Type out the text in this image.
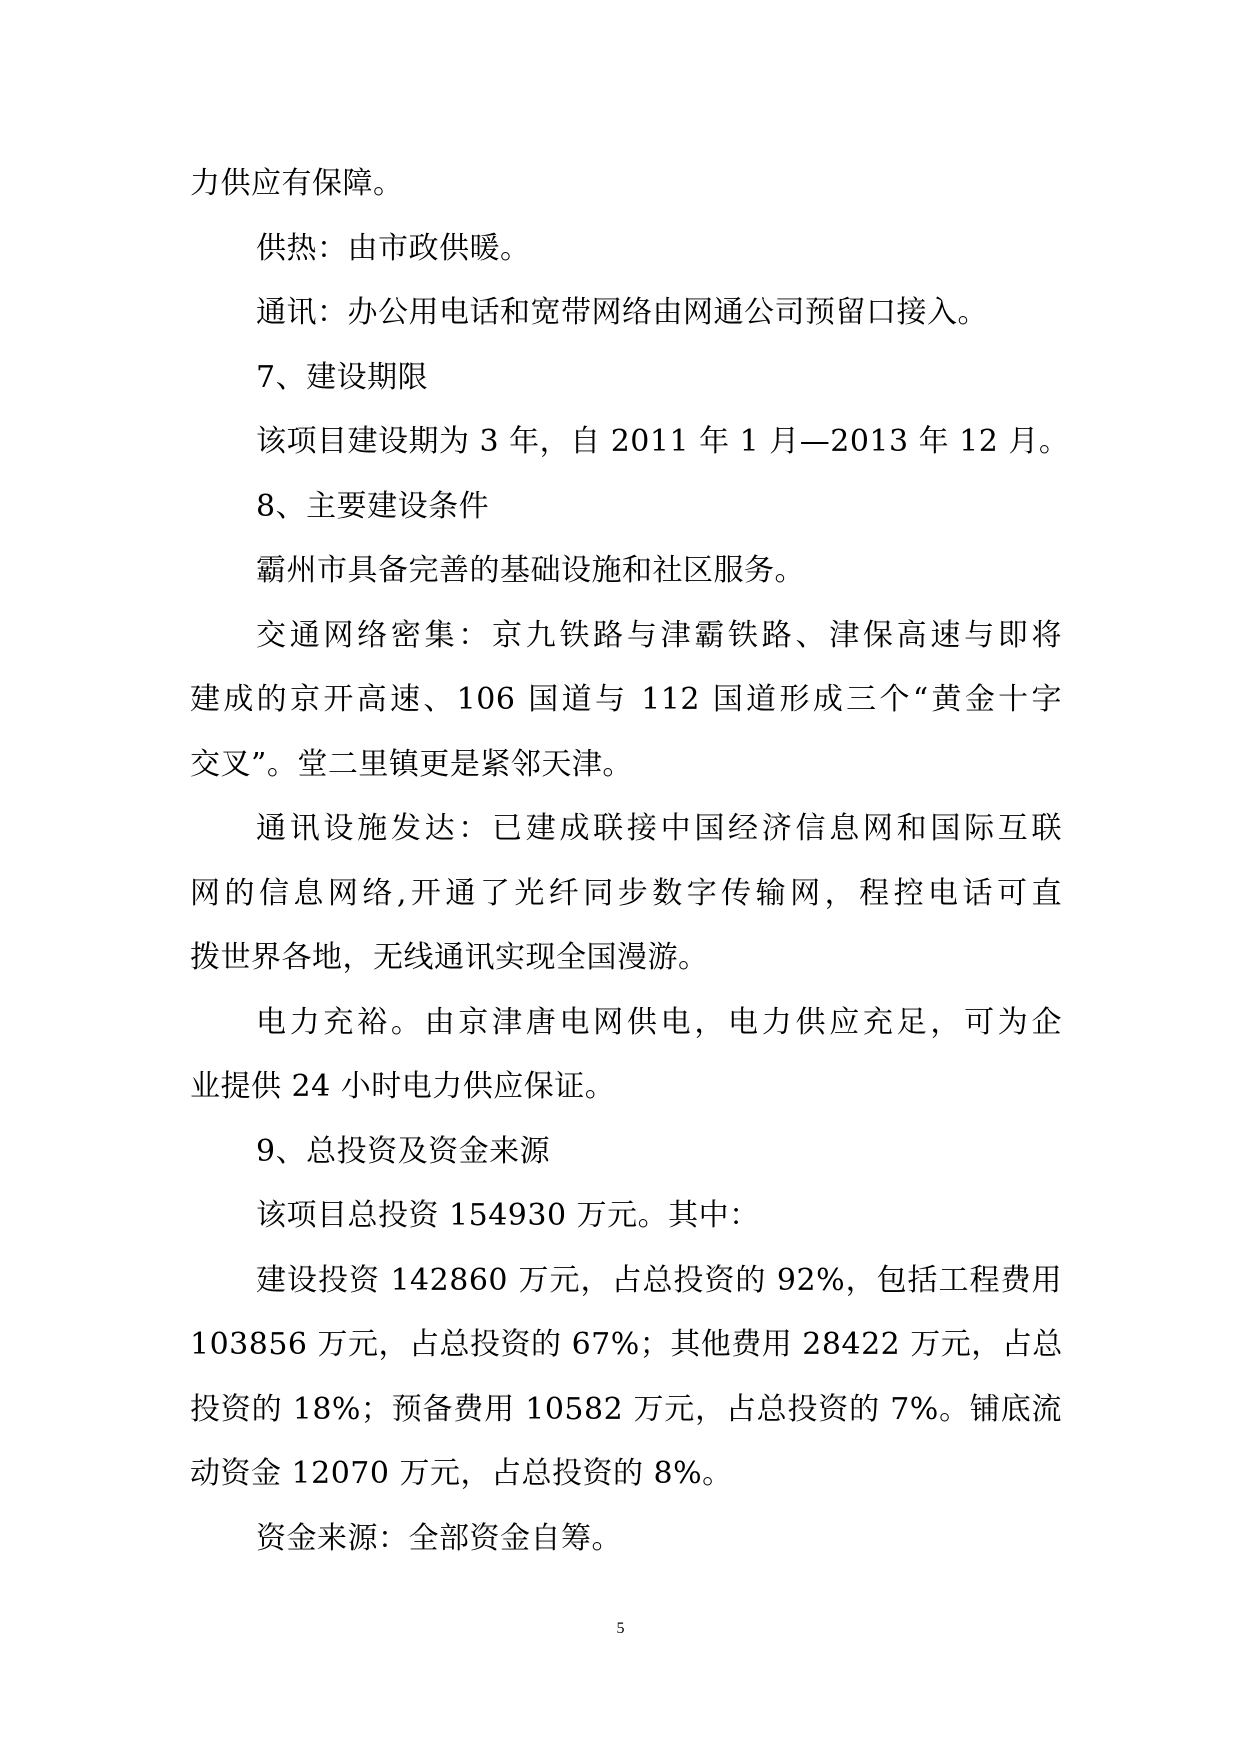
力供应有保障。
供热：由市政供暖。
通讯：办公用电话和宽带网络由网通公司预留口接入。
7、建设期限
该项目建设期为 3 年，自 2011 年 1 月—2013 年 12 月。
8、主要建设条件
霸州市具备完善的基础设施和社区服务。
交通网络密集：京九铁路与津霸铁路、津保高速与即将
建成的京开高速、106 国道与 112 国道形成三个“黄金十字
交叉”。堂二里镇更是紧邻天津。
通讯设施发达：已建成联接中国经济信息网和国际互联
网的信息网络,开通了光纤同步数字传输网，程控电话可直
拨世界各地，无线通讯实现全国漫游。
电力充裕。由京津唐电网供电，电力供应充足，可为企
业提供 24 小时电力供应保证。
9、总投资及资金来源
该项目总投资 154930 万元。其中：
建设投资 142860 万元，占总投资的 92%，包括工程费用
103856 万元，占总投资的 67%；其他费用 28422 万元，占总
投资的 18%；预备费用 10582 万元，占总投资的 7%。铺底流
动资金 12070 万元，占总投资的 8%。
资金来源：全部资金自筹。
5
